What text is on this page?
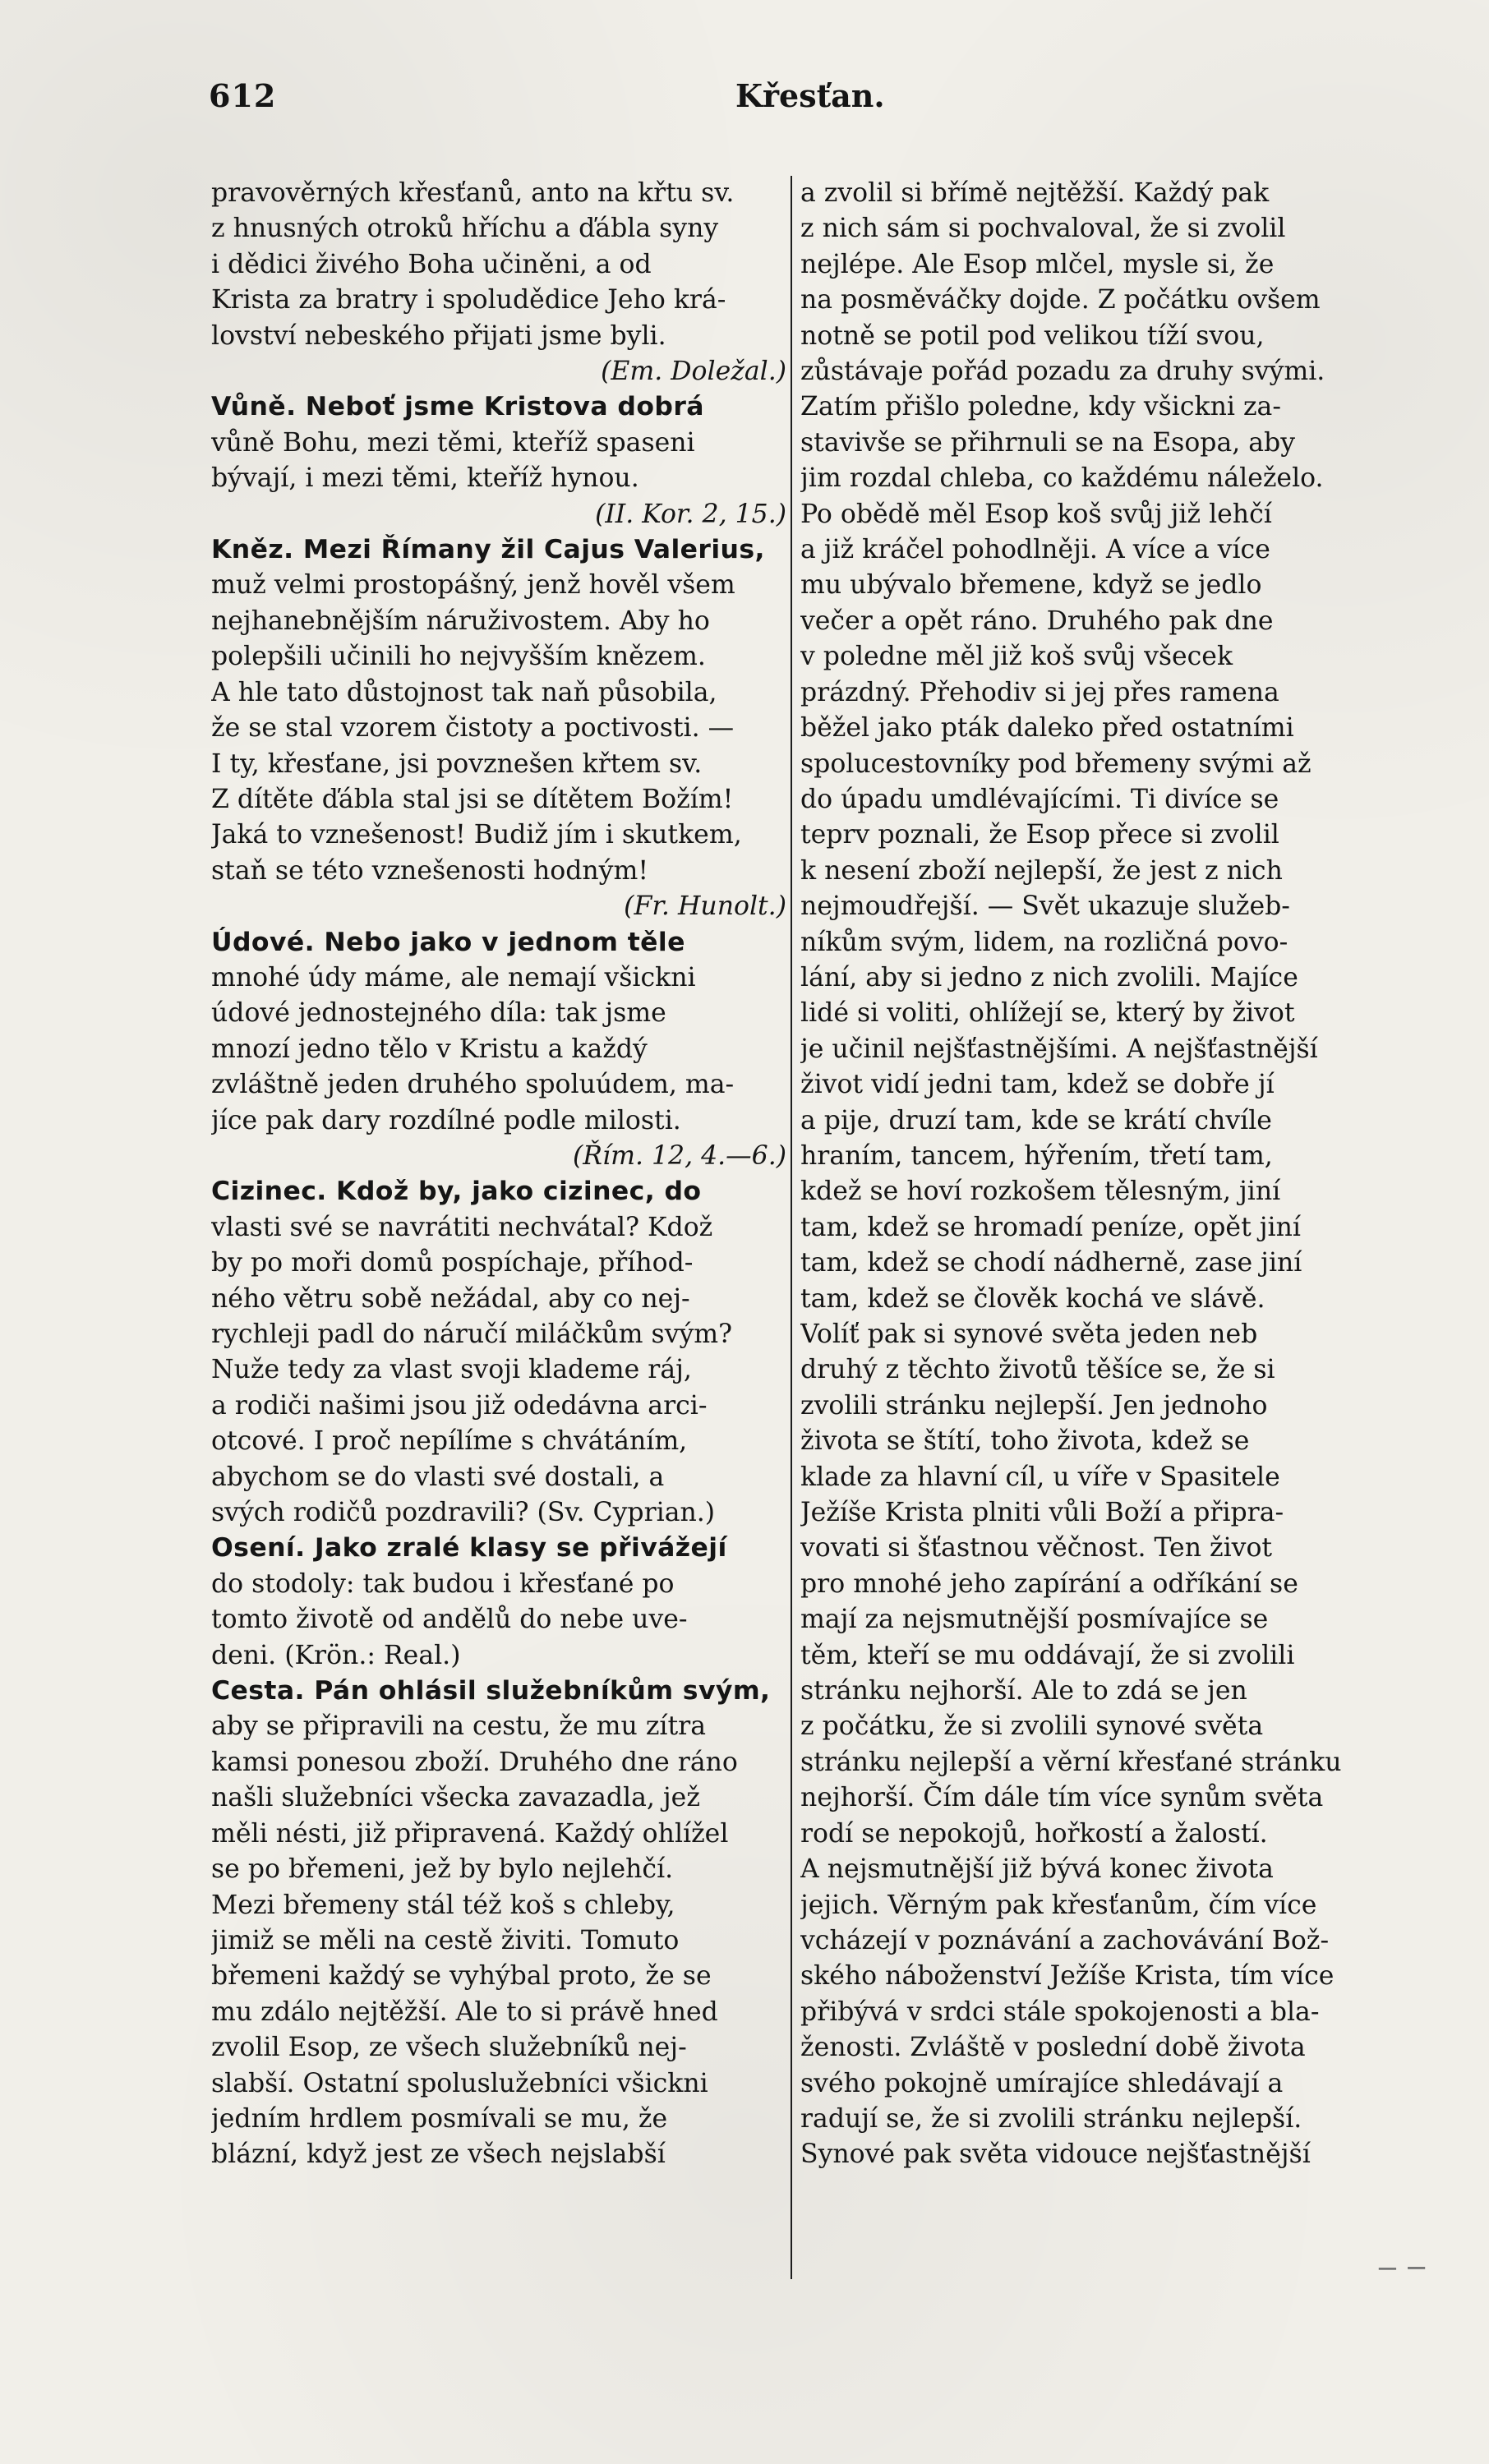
612	Křesťan.
pravověrných křesťanů, anto na křtu sv.
z hnusných otroků hříchu a ďábla syny
i dědici živého Boha učiněni, a od
Krista za bratry i spoludědice Jeho krá-
lovství nebeského přijati jsme byli.
(Em. Doležal.)
Vůně. Neboť jsme Kristova dobrá
vůně Bohu, mezi těmi, kteříž spaseni
bývají, i mezi těmi, kteříž hynou.
(II. Kor. 2, 15.)
Kněz. Mezi Římany žil Cajus Valerius,
muž velmi prostopášný, jenž hověl všem
nejhanebnějším náruživostem. Aby ho
polepšili učinili ho nejvyšším knězem.
A hle tato důstojnost tak naň působila,
že se stal vzorem čistoty a poctivosti. —
I ty, křesťane, jsi povznešen křtem sv.
Z dítěte ďábla stal jsi se dítětem Božím!
Jaká to vznešenost! Budiž jím i skutkem,
staň se této vznešenosti hodným!
(Fr. Hunolt.)
Údové. Nebo jako v jednom těle
mnohé údy máme, ale nemají všickni
údové jednostejného díla: tak jsme
mnozí jedno tělo v Kristu a každý
zvláštně jeden druhého spoluúdem, ma-
jíce pak dary rozdílné podle milosti.
(Řím. 12, 4.—6.)
Cizinec. Kdož by, jako cizinec, do
vlasti své se navrátiti nechvátal? Kdož
by po moři domů pospíchaje, příhod-
ného větru sobě nežádal, aby co nej-
rychleji padl do náručí miláčkům svým?
Nuže tedy za vlast svoji klademe ráj,
a rodiči našimi jsou již odedávna arci-
otcové. I proč nepílíme s chvátáním,
abychom se do vlasti své dostali, a
svých rodičů pozdravili? (Sv. Cyprian.)
Osení. Jako zralé klasy se přivážejí
do stodoly: tak budou i křesťané po
tomto životě od andělů do nebe uve-
deni. (Krön.: Real.)
Cesta. Pán ohlásil služebníkům svým,
aby se připravili na cestu, že mu zítra
kamsi ponesou zboží. Druhého dne ráno
našli služebníci všecka zavazadla, jež
měli nésti, již připravená. Každý ohlížel
se po břemeni, jež by bylo nejlehčí.
Mezi břemeny stál též koš s chleby,
jimiž se měli na cestě živiti. Tomuto
břemeni každý se vyhýbal proto, že se
mu zdálo nejtěžší. Ale to si právě hned
zvolil Esop, ze všech služebníků nej-
slabší. Ostatní spoluslužebníci všickni
jedním hrdlem posmívali se mu, že
blázní, když jest ze všech nejslabší
a zvolil si břímě nejtěžší. Každý pak
z nich sám si pochvaloval, že si zvolil
nejlépe. Ale Esop mlčel, mysle si, že
na posměváčky dojde. Z počátku ovšem
notně se potil pod velikou tíží svou,
zůstávaje pořád pozadu za druhy svými.
Zatím přišlo poledne, kdy všickni za-
stavivše se přihrnuli se na Esopa, aby
jim rozdal chleba, co každému náleželo.
Po obědě měl Esop koš svůj již lehčí
a již kráčel pohodlněji. A více a více
mu ubývalo břemene, když se jedlo
večer a opět ráno. Druhého pak dne
v poledne měl již koš svůj všecek
prázdný. Přehodiv si jej přes ramena
běžel jako pták daleko před ostatními
spolucestovníky pod břemeny svými až
do úpadu umdlévajícími. Ti divíce se
teprv poznali, že Esop přece si zvolil
k nesení zboží nejlepší, že jest z nich
nejmoudřejší. — Svět ukazuje služeb-
níkům svým, lidem, na rozličná povo-
lání, aby si jedno z nich zvolili. Majíce
lidé si voliti, ohlížejí se, který by život
je učinil nejšťastnějšími. A nejšťastnější
život vidí jedni tam, kdež se dobře jí
a pije, druzí tam, kde se krátí chvíle
hraním, tancem, hýřením, třetí tam,
kdež se hoví rozkošem tělesným, jiní
tam, kdež se hromadí peníze, opět jiní
tam, kdež se chodí nádherně, zase jiní
tam, kdež se člověk kochá ve slávě.
Volíť pak si synové světa jeden neb
druhý z těchto životů těšíce se, že si
zvolili stránku nejlepší. Jen jednoho
života se štítí, toho života, kdež se
klade za hlavní cíl, u víře v Spasitele
Ježíše Krista plniti vůli Boží a připra-
vovati si šťastnou věčnost. Ten život
pro mnohé jeho zapírání a odříkání se
mají za nejsmutnější posmívajíce se
těm, kteří se mu oddávají, že si zvolili
stránku nejhorší. Ale to zdá se jen
z počátku, že si zvolili synové světa
stránku nejlepší a věrní křesťané stránku
nejhorší. Čím dále tím více synům světa
rodí se nepokojů, hořkostí a žalostí.
A nejsmutnější již bývá konec života
jejich. Věrným pak křesťanům, čím více
vcházejí v poznávání a zachovávání Bož-
ského náboženství Ježíše Krista, tím více
přibývá v srdci stále spokojenosti a bla-
ženosti. Zvláště v poslední době života
svého pokojně umírajíce shledávají a
radují se, že si zvolili stránku nejlepší.
Synové pak světa vidouce nejšťastnější
− ─
